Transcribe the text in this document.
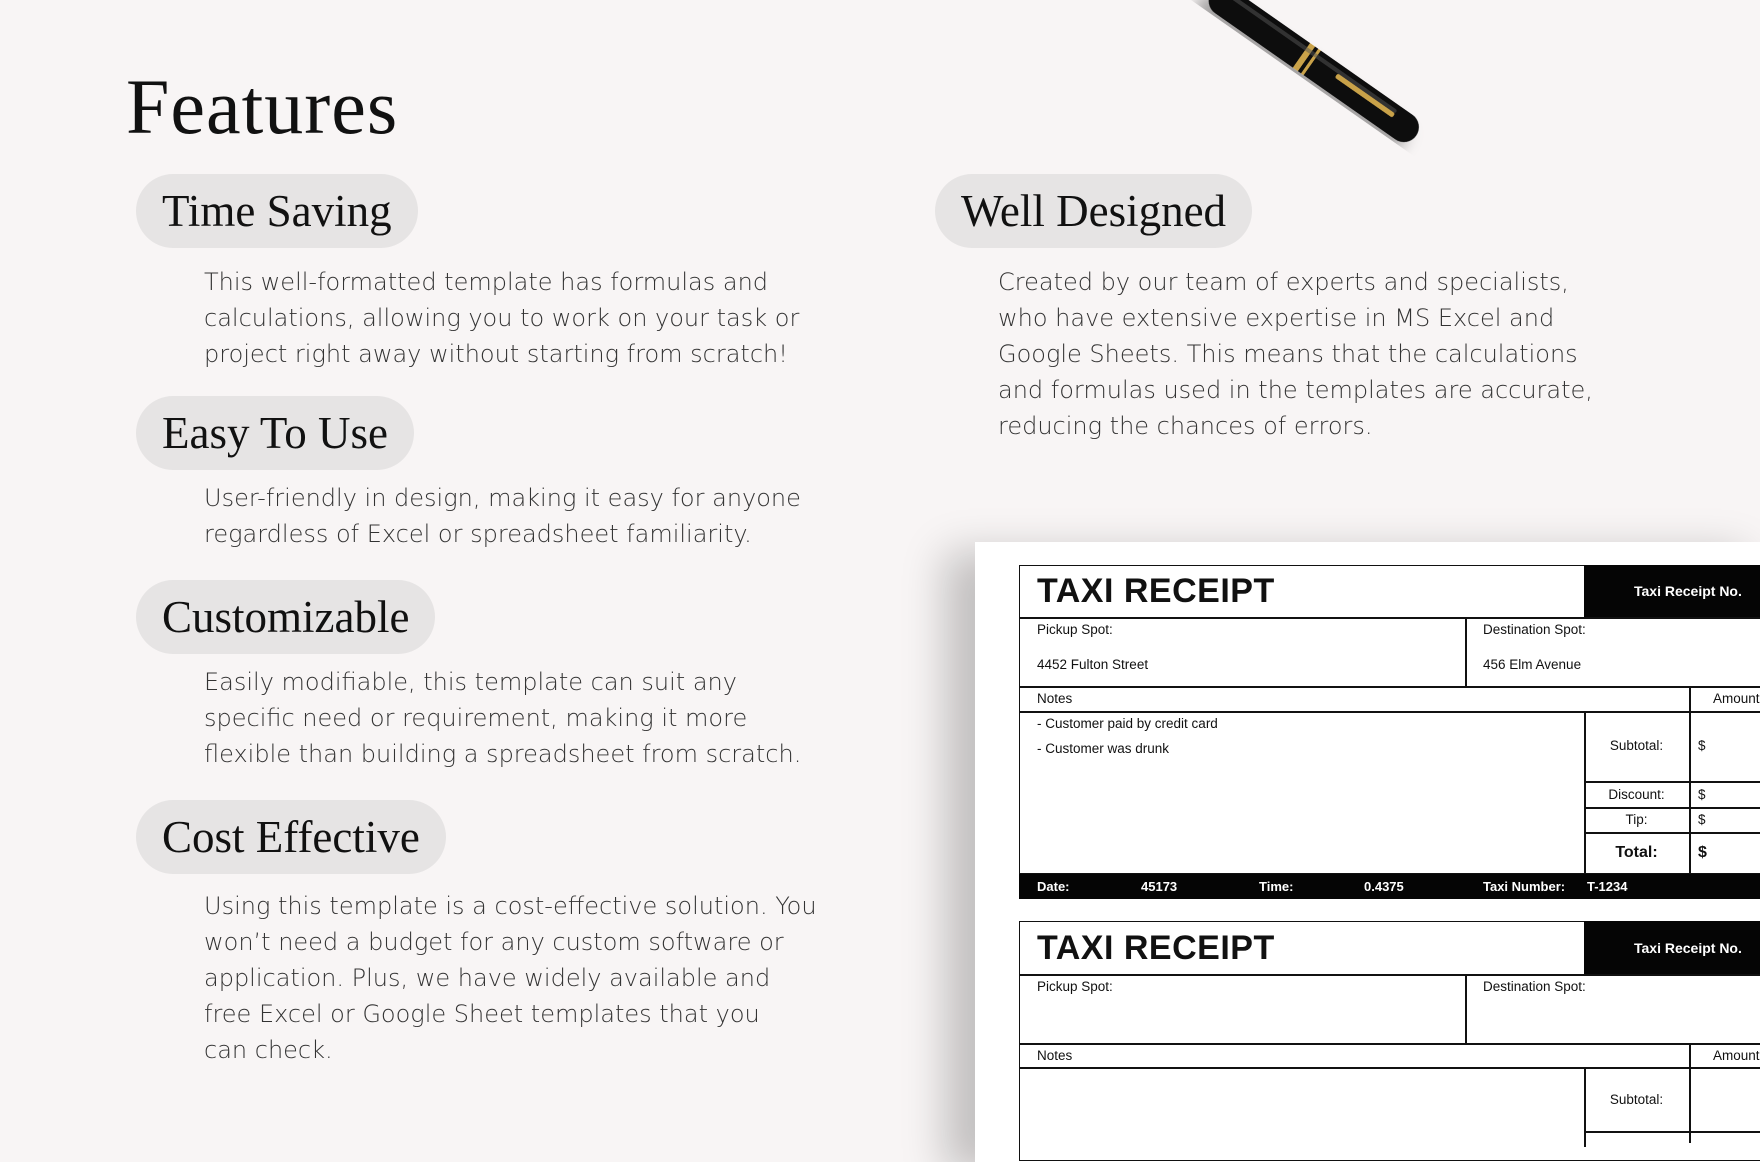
Features
Time Saving
This well-formatted template has formulas and
calculations, allowing you to work on your task or
project right away without starting from scratch!
Easy To Use
User-friendly in design, making it easy for anyone
regardless of Excel or spreadsheet familiarity.
Customizable
Easily modifiable, this template can suit any
specific need or requirement, making it more
flexible than building a spreadsheet from scratch.
Cost Effective
Using this template is a cost-effective solution. You
won’t need a budget for any custom software or
application. Plus, we have widely available and
free Excel or Google Sheet templates that you
can check.
Well Designed
Created by our team of experts and specialists,
who have extensive expertise in MS Excel and
Google Sheets. This means that the calculations
and formulas used in the templates are accurate,
reducing the chances of errors.
Taxi Receipt No.
TAXI RECEIPT
Pickup Spot:
4452 Fulton Street
Destination Spot:
456 Elm Avenue
Notes	Amount
- Customer paid by credit card
- Customer was drunk	Subtotal:	$
Discount:	$
Tip:	$
Total:	$
Date:	45173	Time:	0.4375	Taxi Number: T-1234
Taxi Receipt No.
TAXI RECEIPT
Pickup Spot:	Destination Spot:
Notes	Amount
Subtotal:
